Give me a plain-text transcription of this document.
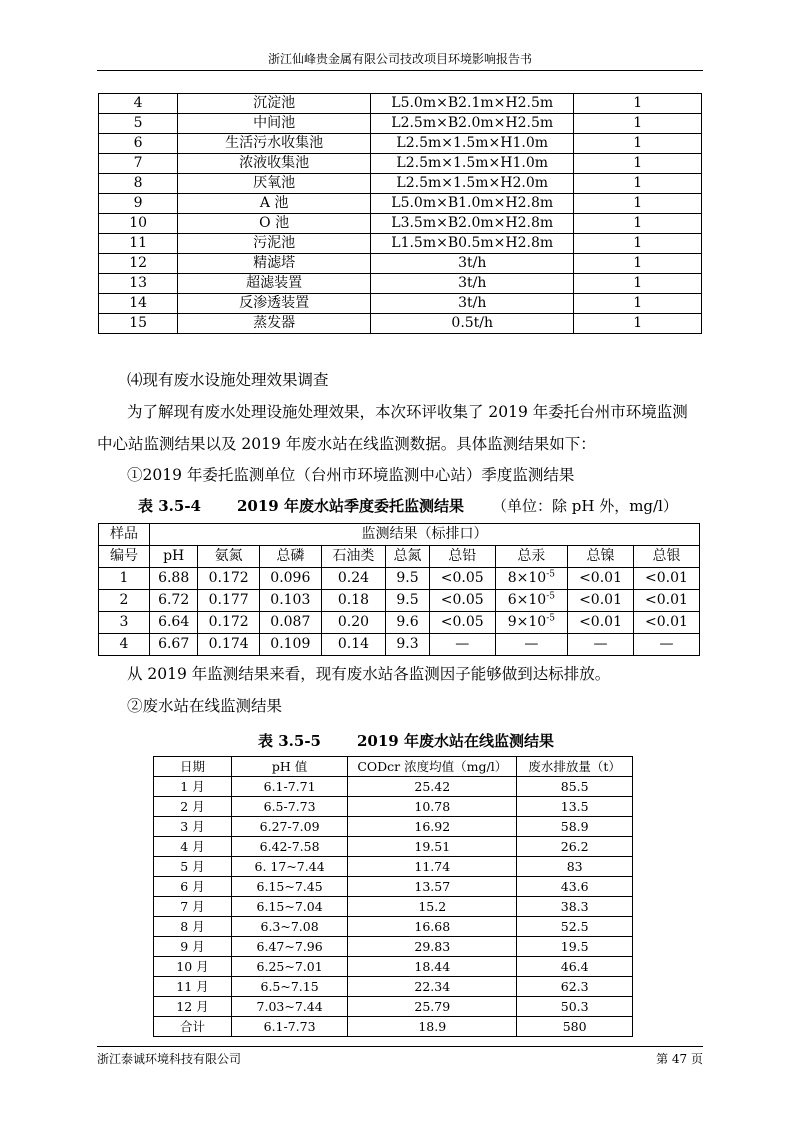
浙江仙峰贵金属有限公司技改项目环境影响报告书
4	沉淀池	L5.0m×B2.1m×H2.5m	1
5	中间池	L2.5m×B2.0m×H2.5m	1
6	生活污水收集池	L2.5m×1.5m×H1.0m	1
7	浓液收集池	L2.5m×1.5m×H1.0m	1
8	厌氧池	L2.5m×1.5m×H2.0m	1
9	A 池	L5.0m×B1.0m×H2.8m	1
10	O 池	L3.5m×B2.0m×H2.8m	1
11	污泥池	L1.5m×B0.5m×H2.8m	1
12	精滤塔	3t/h	1
13	超滤装置	3t/h	1
14	反渗透装置	3t/h	1
15	蒸发器	0.5t/h	1
⑷现有废水设施处理效果调查
为了解现有废水处理设施处理效果，本次环评收集了 2019 年委托台州市环境监测
中心站监测结果以及 2019 年废水站在线监测数据。具体监测结果如下：
①2019 年委托监测单位（台州市环境监测中心站）季度监测结果
表 3.5-4 2019 年废水站季度委托监测结果 （单位：除 pH 外，mg/l）
样品	监测结果（标排口）								
编号	pH	氨氮	总磷	石油类	总氮	总铅	总汞	总镍	总银
1	6.88	0.172	0.096	0.24	9.5	<0.05	$8\times 10^{-5}$	<0.01	<0.01
2	6.72	0.177	0.103	0.18	9.5	<0.05	$6\times 10^{-5}$	<0.01	<0.01
3	6.64	0.172	0.087	0.20	9.6	<0.05	$9\times 10^{-5}$	<0.01	<0.01
4	6.67	0.174	0.109	0.14	9.3	—	—	—	—
从 2019 年监测结果来看，现有废水站各监测因子能够做到达标排放。
②废水站在线监测结果
表 3.5-5 2019 年废水站在线监测结果
日期	pH 值	CODcr 浓度均值（mg/l）	废水排放量（t）
1 月	6.1-7.71	25.42	85.5
2 月	6.5-7.73	10.78	13.5
3 月	6.27-7.09	16.92	58.9
4 月	6.42-7.58	19.51	26.2
5 月	6. 17~7.44	11.74	83
6 月	6.15~7.45	13.57	43.6
7 月	6.15~7.04	15.2	38.3
8 月	6.3~7.08	16.68	52.5
9 月	6.47~7.96	29.83	19.5
10 月	6.25~7.01	18.44	46.4
11 月	6.5~7.15	22.34	62.3
12 月	7.03~7.44	25.79	50.3
合计	6.1-7.73	18.9	580
浙江泰诚环境科技有限公司	第 47 页
